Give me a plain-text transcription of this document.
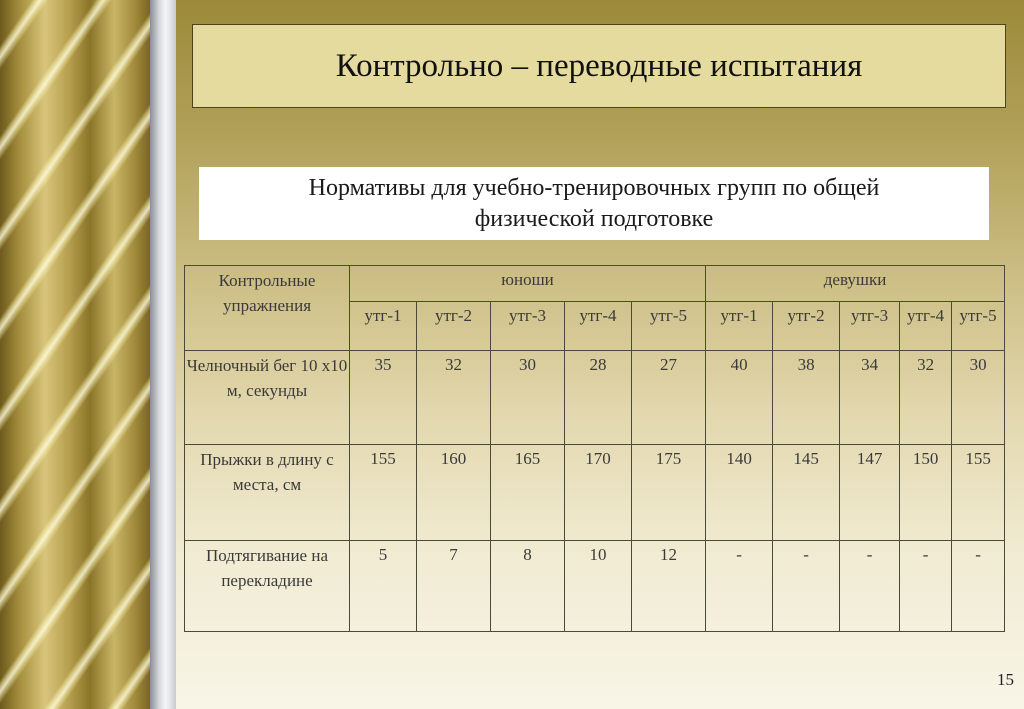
Контрольно – переводные испытания
Нормативы для учебно-тренировочных групп по общей
физической подготовке
Контрольные упражнения	юноши					девушки				
	утг-1	утг-2	утг-3	утг-4	утг-5	утг-1	утг-2	утг-3	утг-4	утг-5
Челночный бег 10 х10 м, секунды	35	32	30	28	27	40	38	34	32	30
Прыжки в длину с места, см	155	160	165	170	175	140	145	147	150	155
Подтягивание на перекладине	5	7	8	10	12	-	-	-	-	-
15
